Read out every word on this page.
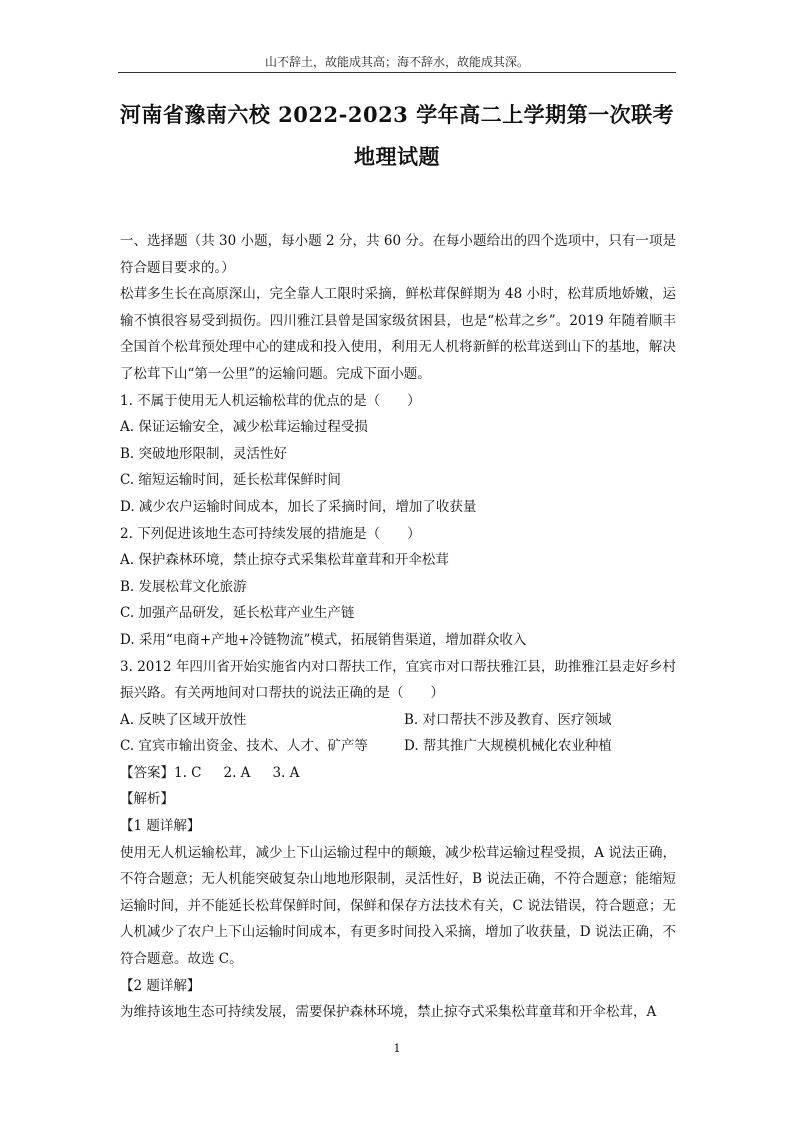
山不辞土，故能成其高；海不辞水，故能成其深。
河南省豫南六校 2022-2023 学年高二上学期第一次联考
地理试题

一、选择题（共 30 小题，每小题 2 分，共 60 分。在每小题给出的四个选项中，只有一项是符合题目要求的。）

松茸多生长在高原深山，完全靠人工限时采摘，鲜松茸保鲜期为 48 小时，松茸质地娇嫩，运输不慎很容易受到损伤。四川雅江县曾是国家级贫困县，也是“松茸之乡”。2019 年随着顺丰全国首个松茸预处理中心的建成和投入使用，利用无人机将新鲜的松茸送到山下的基地，解决了松茸下山“第一公里”的运输问题。完成下面小题。

1. 不属于使用无人机运输松茸的优点的是（　　）

A. 保证运输安全，减少松茸运输过程受损

B. 突破地形限制，灵活性好

C. 缩短运输时间，延长松茸保鲜时间

D. 减少农户运输时间成本，加长了采摘时间，增加了收获量

2. 下列促进该地生态可持续发展的措施是（　　）

A. 保护森林环境，禁止掠夺式采集松茸童茸和开伞松茸

B. 发展松茸文化旅游

C. 加强产品研发，延长松茸产业生产链

D. 采用“电商+产地+冷链物流”模式，拓展销售渠道，增加群众收入

3. 2012 年四川省开始实施省内对口帮扶工作，宜宾市对口帮扶雅江县，助推雅江县走好乡村振兴路。有关两地间对口帮扶的说法正确的是（　　）

A. 反映了区域开放性	B. 对口帮扶不涉及教育、医疗领域
C. 宜宾市输出资金、技术、人才、矿产等	D. 帮其推广大规模机械化农业种植

【答案】1. C 2. A 3. A

【解析】

【1 题详解】

使用无人机运输松茸，减少上下山运输过程中的颠簸，减少松茸运输过程受损，A 说法正确，不符合题意；无人机能突破复杂山地地形限制，灵活性好，B 说法正确，不符合题意；能缩短运输时间，并不能延长松茸保鲜时间，保鲜和保存方法技术有关，C 说法错误，符合题意；无人机减少了农户上下山运输时间成本，有更多时间投入采摘，增加了收获量，D 说法正确，不符合题意。故选 C。

【2 题详解】

为维持该地生态可持续发展，需要保护森林环境，禁止掠夺式采集松茸童茸和开伞松茸，A

1
